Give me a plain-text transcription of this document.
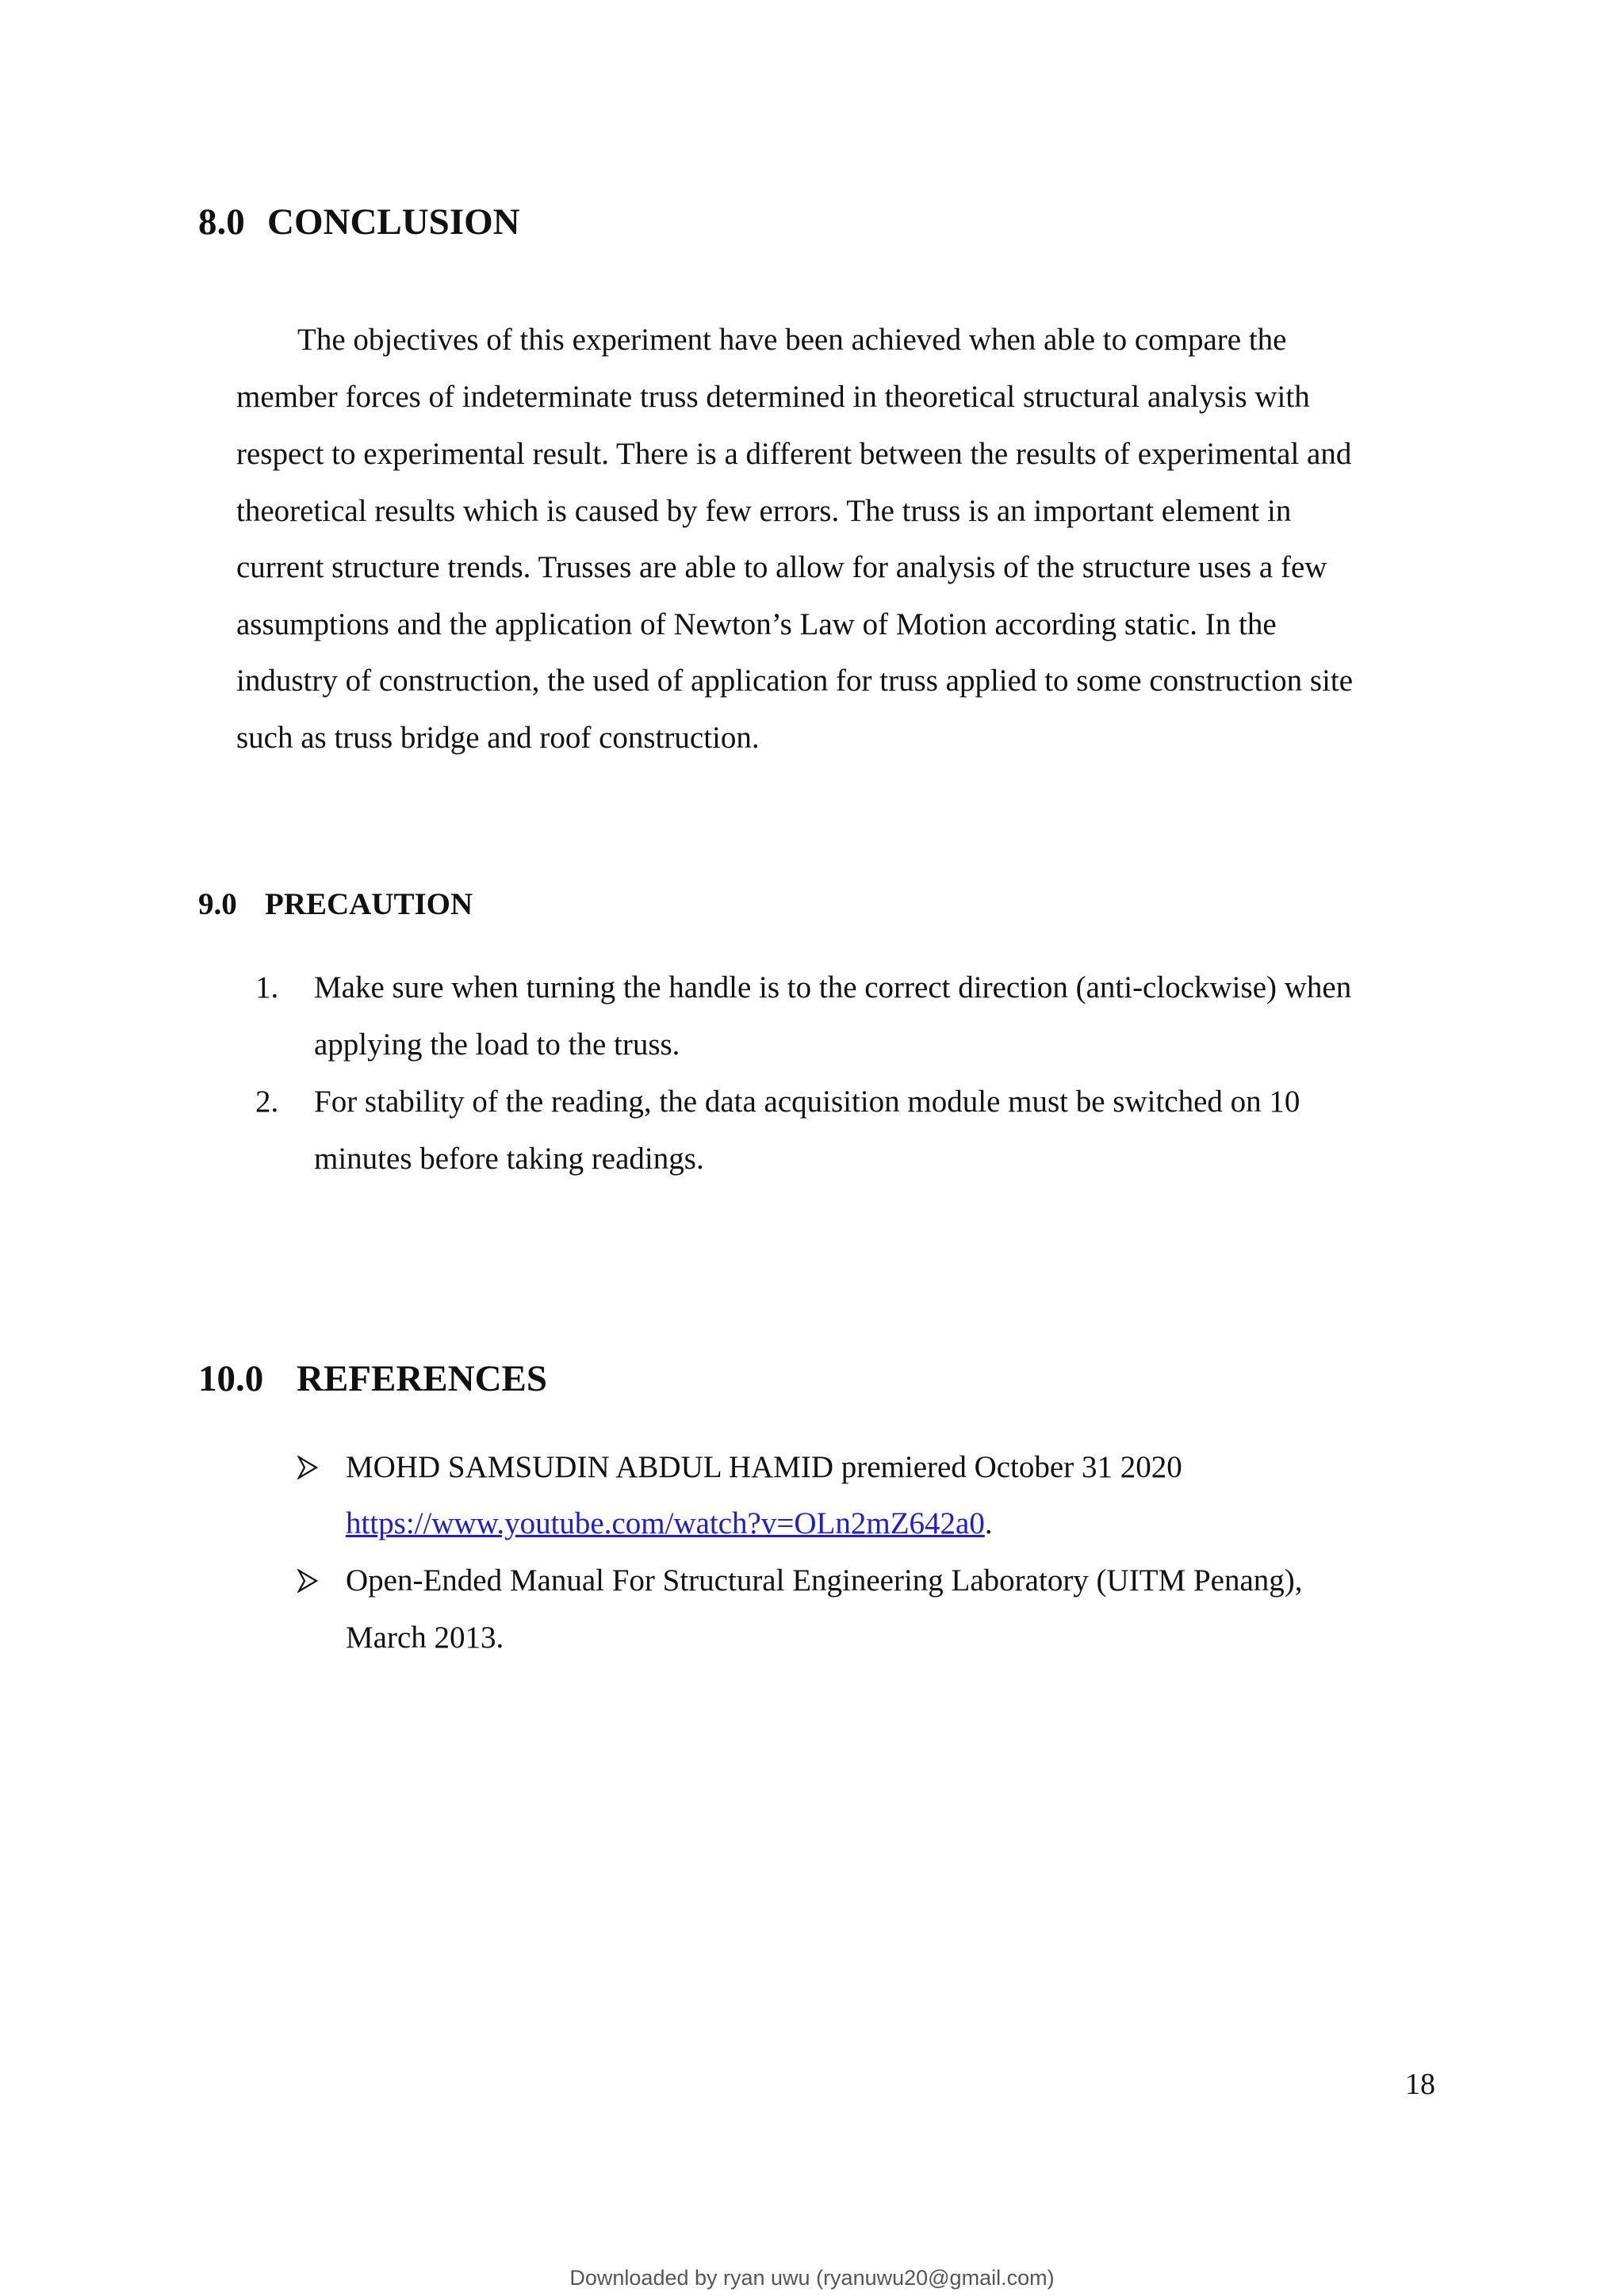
8.0 CONCLUSION

The objectives of this experiment have been achieved when able to compare the

member forces of indeterminate truss determined in theoretical structural analysis with

respect to experimental result. There is a different between the results of experimental and

theoretical results which is caused by few errors. The truss is an important element in

current structure trends. Trusses are able to allow for analysis of the structure uses a few

assumptions and the application of Newton’s Law of Motion according static. In the

industry of construction, the used of application for truss applied to some construction site

such as truss bridge and roof construction.

9.0 PRECAUTION
1. Make sure when turning the handle is to the correct direction (anti-clockwise) when
applying the load to the truss.
2. For stability of the reading, the data acquisition module must be switched on 10
minutes before taking readings.
10.0 REFERENCES
MOHD SAMSUDIN ABDUL HAMID premiered October 31 2020
https://www.youtube.com/watch?v=OLn2mZ642a0.
Open-Ended Manual For Structural Engineering Laboratory (UITM Penang),
March 2013.
18
Downloaded by ryan uwu (ryanuwu20@gmail.com)
